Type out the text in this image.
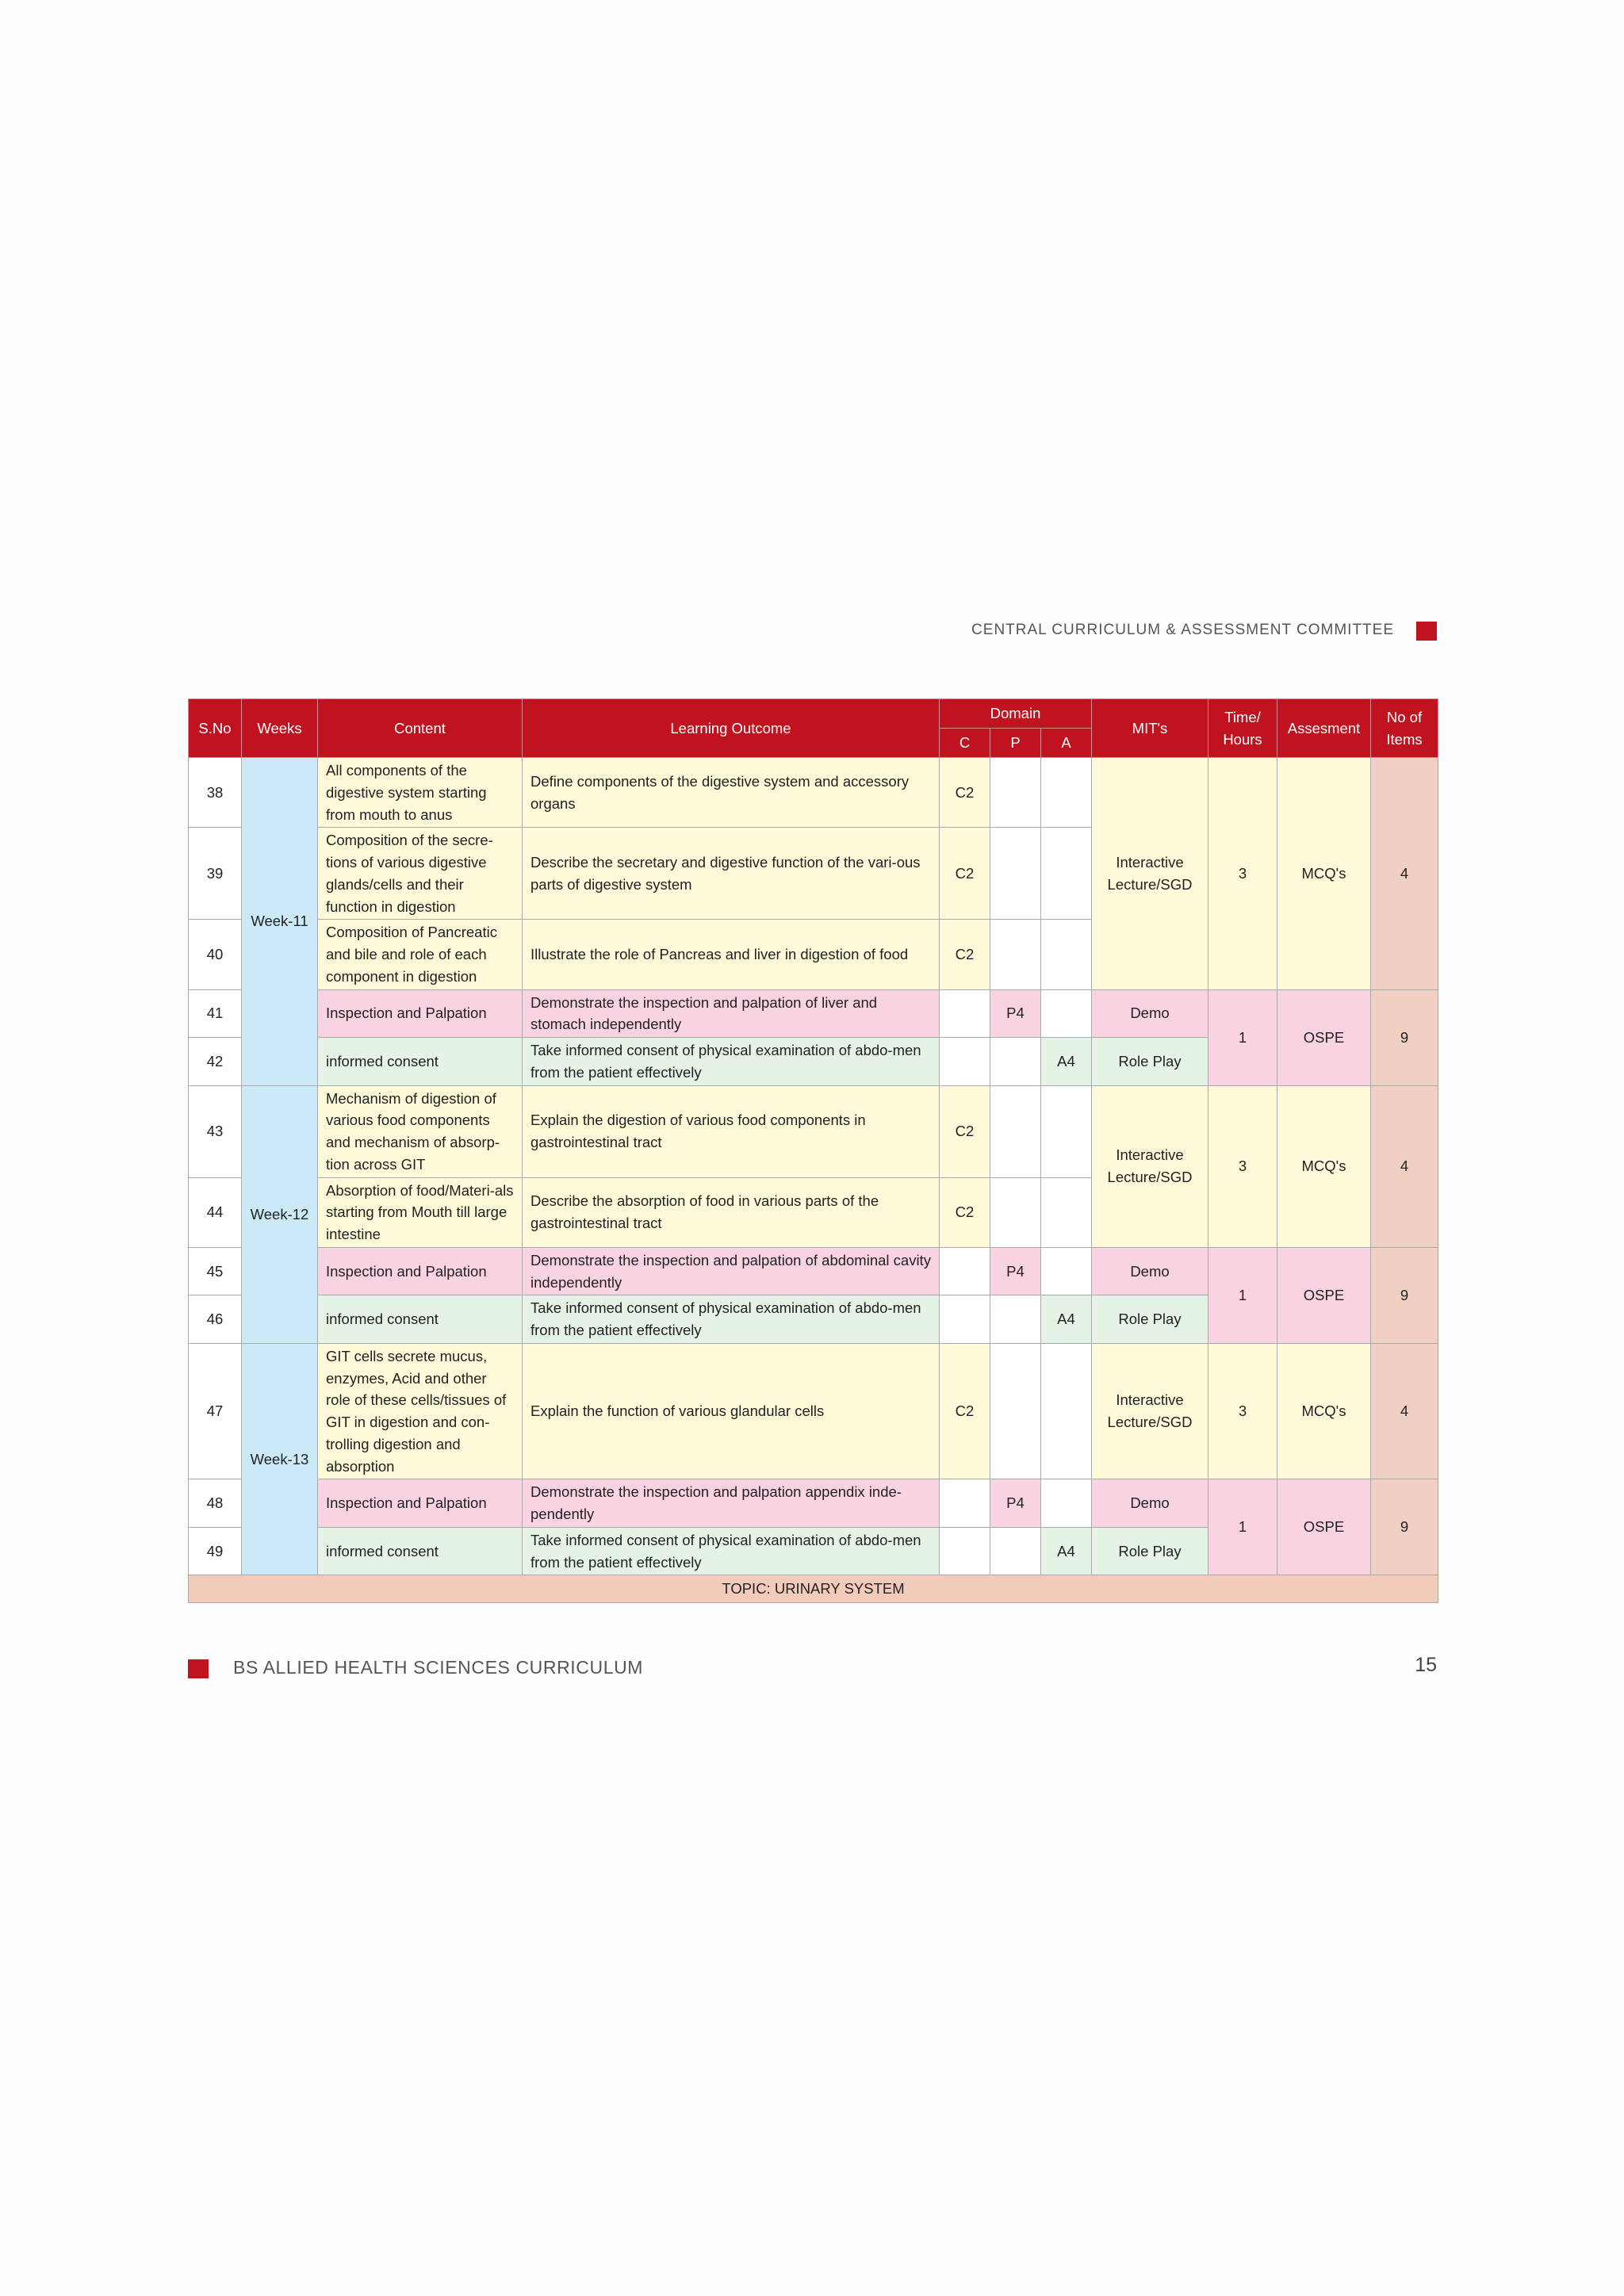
CENTRAL CURRICULUM & ASSESSMENT COMMITTEE
S.No	Weeks	Content	Learning Outcome	Domain			MIT's	Time/ Hours	Assesment	No of Items
				C	P	A				
38	Week-11	All components of the digestive system starting from mouth to anus	Define components of the digestive system and accessory organs	C2			Interactive Lecture/SGD	3	MCQ's	4
39		Composition of the secre-tions of various digestive glands/cells and their function in digestion	Describe the secretary and digestive function of the vari-ous parts of digestive system	C2						
40		Composition of Pancreatic and bile and role of each component in digestion	Illustrate the role of Pancreas and liver in digestion of food	C2						
41		Inspection and Palpation	Demonstrate the inspection and palpation of liver and stomach independently		P4		Demo	1	OSPE	9
42		informed consent	Take informed consent of physical examination of abdo-men from the patient effectively			A4	Role Play			
43	Week-12	Mechanism of digestion of various food components and mechanism of absorp-tion across GIT	Explain the digestion of various food components in gastrointestinal tract	C2			Interactive Lecture/SGD	3	MCQ's	4
44		Absorption of food/Materi-als starting from Mouth till large intestine	Describe the absorption of food in various parts of the gastrointestinal tract	C2						
45		Inspection and Palpation	Demonstrate the inspection and palpation of abdominal cavity independently		P4		Demo	1	OSPE	9
46		informed consent	Take informed consent of physical examination of abdo-men from the patient effectively			A4	Role Play			
47	Week-13	GIT cells secrete mucus, enzymes, Acid and other role of these cells/tissues of GIT in digestion and con-trolling digestion and absorption	Explain the function of various glandular cells	C2			Interactive Lecture/SGD	3	MCQ's	4
48		Inspection and Palpation	Demonstrate the inspection and palpation appendix inde-pendently		P4		Demo	1	OSPE	9
49		informed consent	Take informed consent of physical examination of abdo-men from the patient effectively			A4	Role Play			
TOPIC: URINARY SYSTEM										
BS ALLIED HEALTH SCIENCES CURRICULUM	15
